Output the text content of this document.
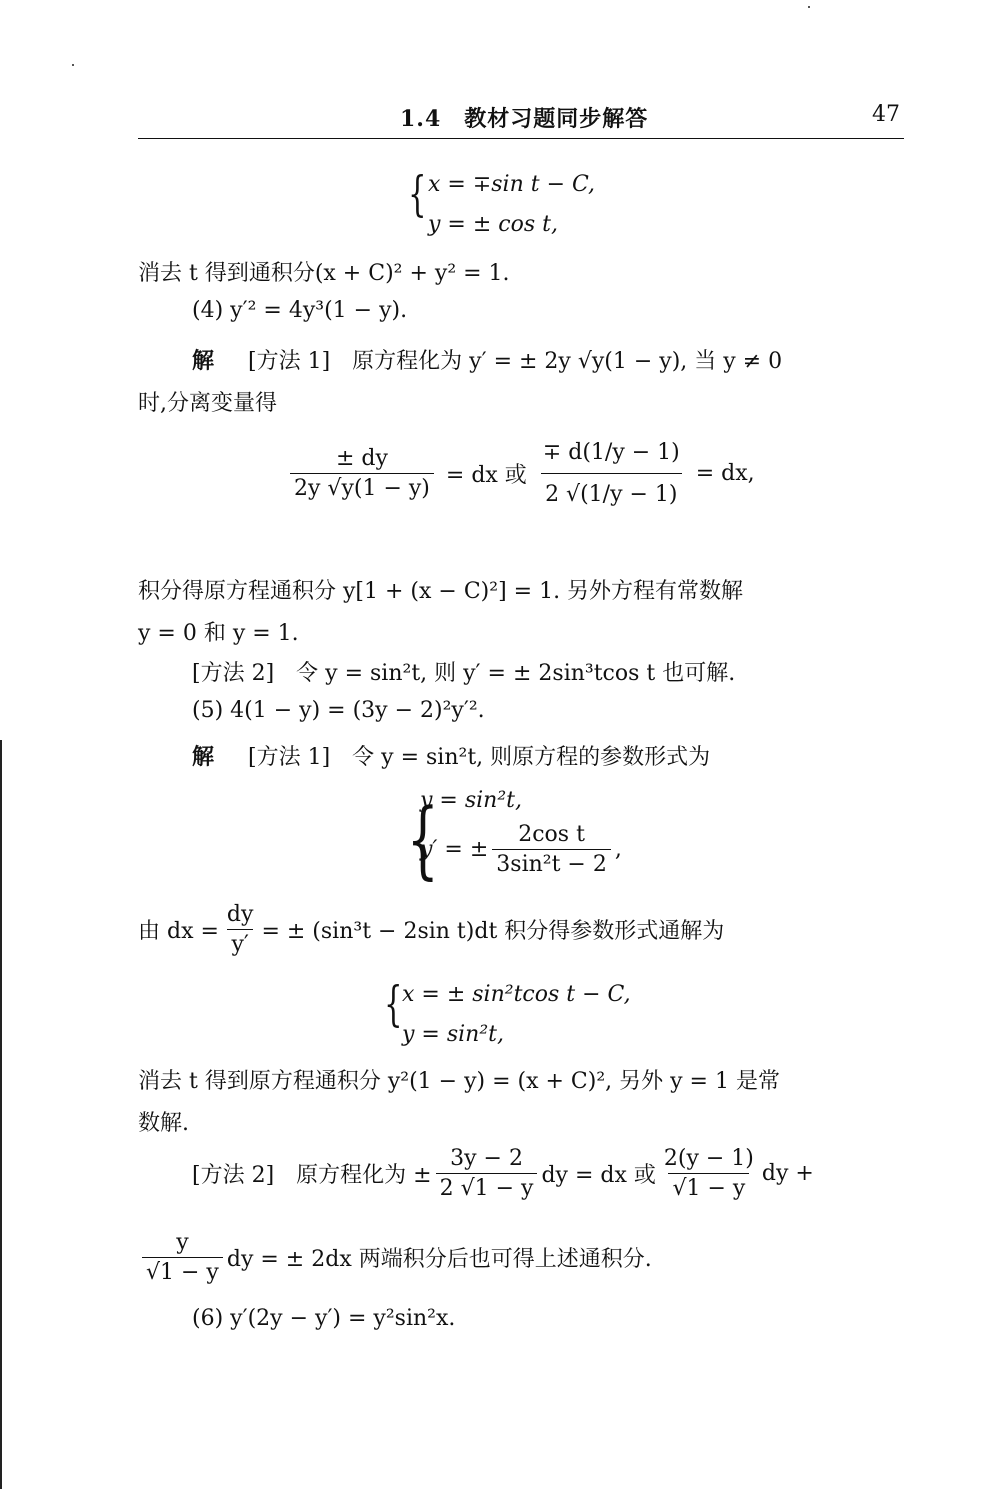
1.4　教材习题同步解答	47
{ x = ∓sin t − C,
y = ± cos t,
消去 t 得到通积分(x + C)² + y² = 1.
(4) y′² = 4y³(1 − y).
解 [方法 1]　原方程化为 y′ = ± 2y √y(1 − y), 当 y ≠ 0
时,分离变量得
$\frac{\pm dy}{2y √y(1 - y)}$ = dx 或 $\frac{\mp d(1/y - 1)}{2 √(1/y - 1)}$ = dx,
积分得原方程通积分 y[1 + (x − C)²] = 1. 另外方程有常数解
y = 0 和 y = 1.
[方法 2]　令 y = sin²t, 则 y′ = ± 2sin³tcos t 也可解.
(5) 4(1 − y) = (3y − 2)²y′².
解 [方法 1]　令 y = sin²t, 则原方程的参数形式为
{
y = sin²t,
y′ = ± $\frac{\text{2cos t}}{\text{3sin²t − 2}}$ ,
由 dx = $\frac{dy}{y'}$ = ± (sin³t − 2sin t)dt 积分得参数形式通解为
{ x = ± sin²tcos t − C,
y = sin²t,
消去 t 得到原方程通积分 y²(1 − y) = (x + C)², 另外 y = 1 是常
数解.
[方法 2]　原方程化为 ± $\frac{3y - 2}{2 √1 - y}$ dy = dx 或 $\frac{2(y - 1)}{√1 - y}$ dy +
$\frac{y}{√1 - y}$ dy = ± 2dx 两端积分后也可得上述通积分.
(6) y′(2y − y′) = y²sin²x.
